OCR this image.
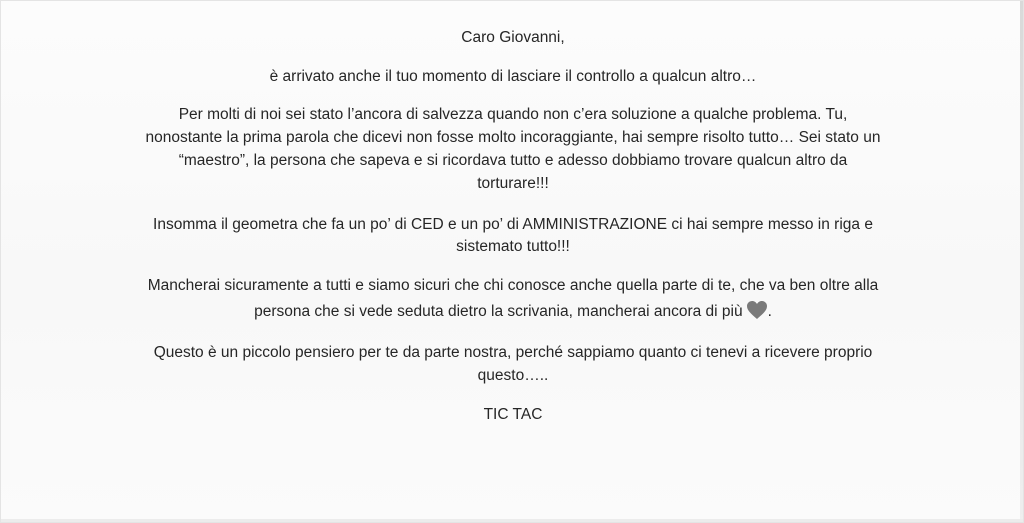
Caro Giovanni,

è arrivato anche il tuo momento di lasciare il controllo a qualcun altro…

Per molti di noi sei stato l’ancora di salvezza quando non c’era soluzione a qualche problema. Tu,

nonostante la prima parola che dicevi non fosse molto incoraggiante, hai sempre risolto tutto… Sei stato un

“maestro”, la persona che sapeva e si ricordava tutto e adesso dobbiamo trovare qualcun altro da

torturare!!!

Insomma il geometra che fa un po’ di CED e un po’ di AMMINISTRAZIONE ci hai sempre messo in riga e

sistemato tutto!!!

Mancherai sicuramente a tutti e siamo sicuri che chi conosce anche quella parte di te, che va ben oltre alla

persona che si vede seduta dietro la scrivania, mancherai ancora di più .

Questo è un piccolo pensiero per te da parte nostra, perché sappiamo quanto ci tenevi a ricevere proprio

questo…..

TIC TAC
